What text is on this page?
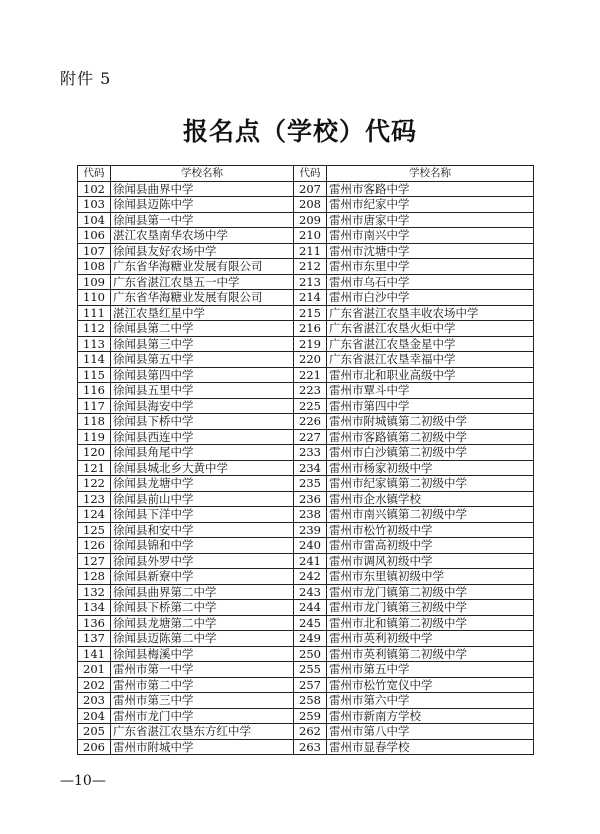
附件 5
报名点（学校）代码
代码	学校名称	代码	学校名称
102	徐闻县曲界中学	207	雷州市客路中学
103	徐闻县迈陈中学	208	雷州市纪家中学
104	徐闻县第一中学	209	雷州市唐家中学
106	湛江农垦南华农场中学	210	雷州市南兴中学
107	徐闻县友好农场中学	211	雷州市沈塘中学
108	广东省华海糖业发展有限公司	212	雷州市东里中学
109	广东省湛江农垦五一中学	213	雷州市乌石中学
110	广东省华海糖业发展有限公司	214	雷州市白沙中学
111	湛江农垦红星中学	215	广东省湛江农垦丰收农场中学
112	徐闻县第二中学	216	广东省湛江农垦火炬中学
113	徐闻县第三中学	219	广东省湛江农垦金星中学
114	徐闻县第五中学	220	广东省湛江农垦幸福中学
115	徐闻县第四中学	221	雷州市北和职业高级中学
116	徐闻县五里中学	223	雷州市覃斗中学
117	徐闻县海安中学	225	雷州市第四中学
118	徐闻县下桥中学	226	雷州市附城镇第二初级中学
119	徐闻县西连中学	227	雷州市客路镇第二初级中学
120	徐闻县角尾中学	233	雷州市白沙镇第二初级中学
121	徐闻县城北乡大黄中学	234	雷州市杨家初级中学
122	徐闻县龙塘中学	235	雷州市纪家镇第二初级中学
123	徐闻县前山中学	236	雷州市企水镇学校
124	徐闻县下洋中学	238	雷州市南兴镇第二初级中学
125	徐闻县和安中学	239	雷州市松竹初级中学
126	徐闻县锦和中学	240	雷州市雷高初级中学
127	徐闻县外罗中学	241	雷州市调风初级中学
128	徐闻县新寮中学	242	雷州市东里镇初级中学
132	徐闻县曲界第二中学	243	雷州市龙门镇第二初级中学
134	徐闻县下桥第二中学	244	雷州市龙门镇第三初级中学
136	徐闻县龙塘第二中学	245	雷州市北和镇第二初级中学
137	徐闻县迈陈第二中学	249	雷州市英利初级中学
141	徐闻县梅溪中学	250	雷州市英利镇第二初级中学
201	雷州市第一中学	255	雷州市第五中学
202	雷州市第二中学	257	雷州市松竹宽仪中学
203	雷州市第三中学	258	雷州市第六中学
204	雷州市龙门中学	259	雷州市新南方学校
205	广东省湛江农垦东方红中学	262	雷州市第八中学
206	雷州市附城中学	263	雷州市显春学校
—10—
